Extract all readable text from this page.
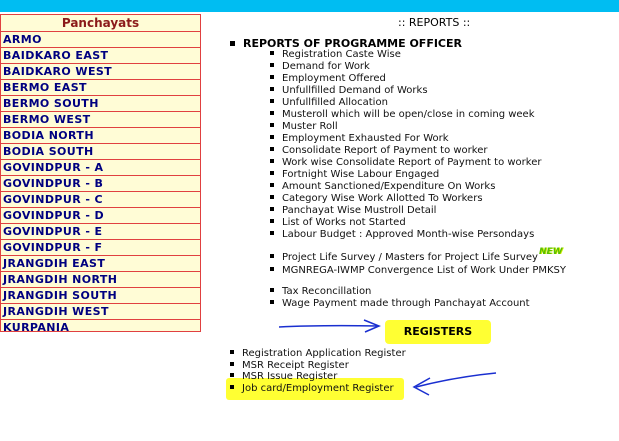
Panchayats
ARMO
BAIDKARO EAST
BAIDKARO WEST
BERMO EAST
BERMO SOUTH
BERMO WEST
BODIA NORTH
BODIA SOUTH
GOVINDPUR - A
GOVINDPUR - B
GOVINDPUR - C
GOVINDPUR - D
GOVINDPUR - E
GOVINDPUR - F
JRANGDIH EAST
JRANGDIH NORTH
JRANGDIH SOUTH
JRANGDIH WEST
KURPANIA
:: REPORTS ::
REPORTS OF PROGRAMME OFFICER
Registration Caste Wise
Demand for Work
Employment Offered
Unfullfilled Demand of Works
Unfullfilled Allocation
Musteroll which will be open/close in coming week
Muster Roll
Employment Exhausted For Work
Consolidate Report of Payment to worker
Work wise Consolidate Report of Payment to worker
Fortnight Wise Labour Engaged
Amount Sanctioned/Expenditure On Works
Category Wise Work Allotted To Workers
Panchayat Wise Mustroll Detail
List of Works not Started
Labour Budget : Approved Month-wise Persondays
Project Life Survey / Masters for Project Life SurveyNEW
MGNREGA-IWMP Convergence List of Work Under PMKSY
Tax Reconcillation
Wage Payment made through Panchayat Account
REGISTERS
Registration Application Register
MSR Receipt Register
MSR Issue Register
Job card/Employment Register
